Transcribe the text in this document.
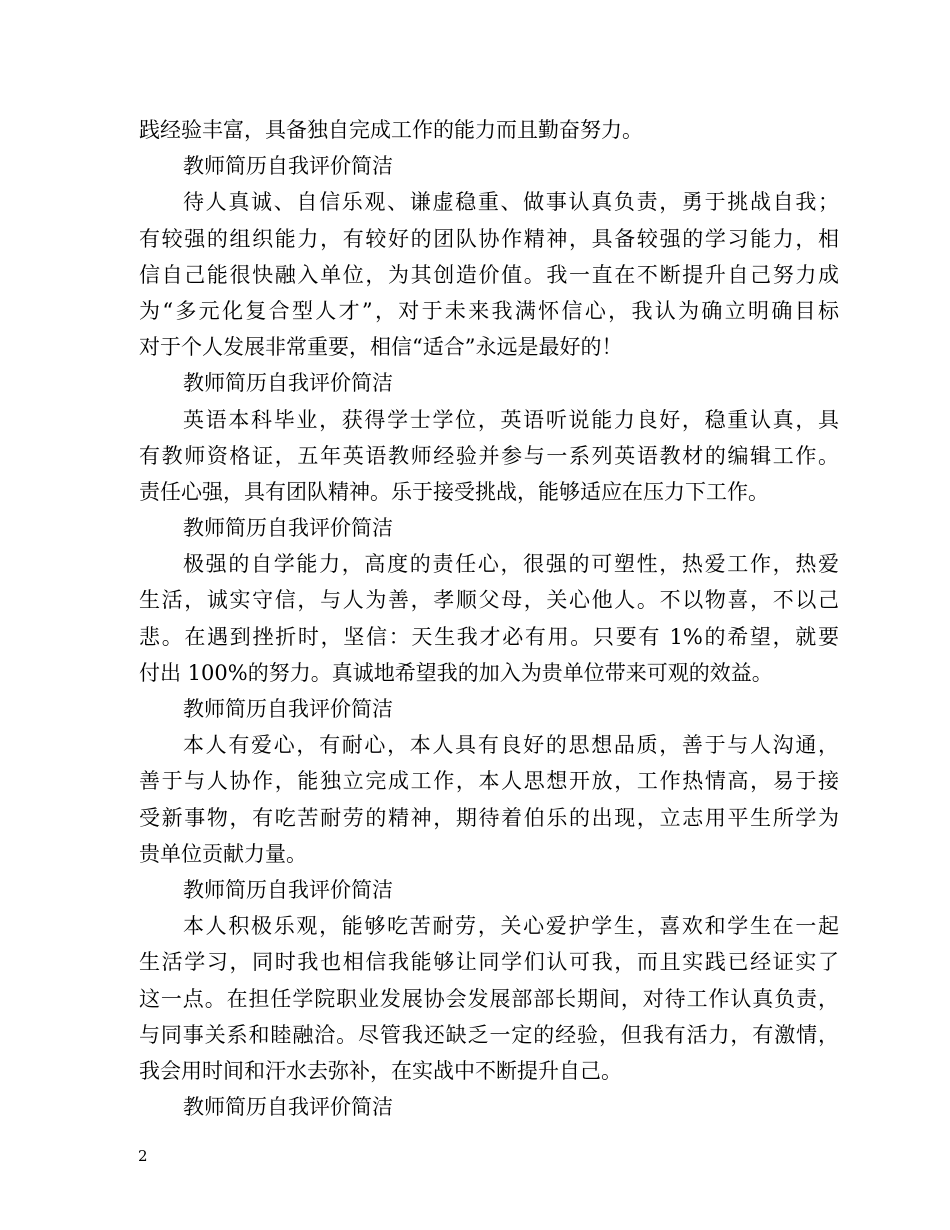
践经验丰富，具备独自完成工作的能力而且勤奋努力。
教师简历自我评价简洁
待人真诚、自信乐观、谦虚稳重、做事认真负责，勇于挑战自我；
有较强的组织能力，有较好的团队协作精神，具备较强的学习能力，相
信自己能很快融入单位，为其创造价值。我一直在不断提升自己努力成
为“多元化复合型人才”，对于未来我满怀信心，我认为确立明确目标
对于个人发展非常重要，相信“适合”永远是最好的！
教师简历自我评价简洁
英语本科毕业，获得学士学位，英语听说能力良好，稳重认真，具
有教师资格证，五年英语教师经验并参与一系列英语教材的编辑工作。
责任心强，具有团队精神。乐于接受挑战，能够适应在压力下工作。
教师简历自我评价简洁
极强的自学能力，高度的责任心，很强的可塑性，热爱工作，热爱
生活，诚实守信，与人为善，孝顺父母，关心他人。不以物喜，不以己
悲。在遇到挫折时，坚信：天生我才必有用。只要有 1%的希望，就要
付出 100%的努力。真诚地希望我的加入为贵单位带来可观的效益。
教师简历自我评价简洁
本人有爱心，有耐心，本人具有良好的思想品质，善于与人沟通，
善于与人协作，能独立完成工作，本人思想开放，工作热情高，易于接
受新事物，有吃苦耐劳的精神，期待着伯乐的出现，立志用平生所学为
贵单位贡献力量。
教师简历自我评价简洁
本人积极乐观，能够吃苦耐劳，关心爱护学生，喜欢和学生在一起
生活学习，同时我也相信我能够让同学们认可我，而且实践已经证实了
这一点。在担任学院职业发展协会发展部部长期间，对待工作认真负责，
与同事关系和睦融洽。尽管我还缺乏一定的经验，但我有活力，有激情，
我会用时间和汗水去弥补，在实战中不断提升自己。
教师简历自我评价简洁
2
